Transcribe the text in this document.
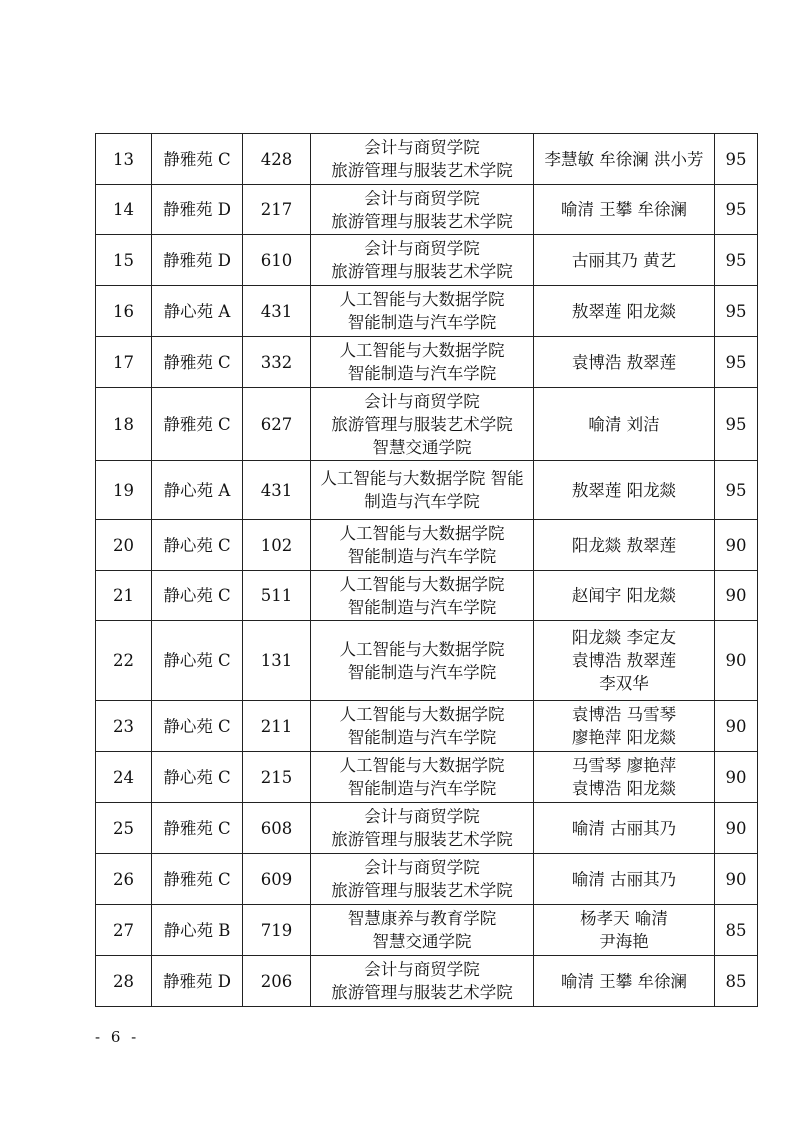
13	静雅苑 C	428	会计与商贸学院
旅游管理与服装艺术学院	李慧敏 牟徐澜 洪小芳	95
14	静雅苑 D	217	会计与商贸学院
旅游管理与服装艺术学院	喻清 王攀 牟徐澜	95
15	静雅苑 D	610	会计与商贸学院
旅游管理与服装艺术学院	古丽其乃 黄艺	95
16	静心苑 A	431	人工智能与大数据学院
智能制造与汽车学院	敖翠莲 阳龙燚	95
17	静雅苑 C	332	人工智能与大数据学院
智能制造与汽车学院	袁博浩 敖翠莲	95
18	静雅苑 C	627	会计与商贸学院
旅游管理与服装艺术学院
智慧交通学院	喻清 刘洁	95
19	静心苑 A	431	人工智能与大数据学院 智能制造与汽车学院	敖翠莲 阳龙燚	95
20	静心苑 C	102	人工智能与大数据学院
智能制造与汽车学院	阳龙燚 敖翠莲	90
21	静心苑 C	511	人工智能与大数据学院
智能制造与汽车学院	赵闻宇 阳龙燚	90
22	静心苑 C	131	人工智能与大数据学院
智能制造与汽车学院	阳龙燚 李定友
袁博浩 敖翠莲
李双华	90
23	静心苑 C	211	人工智能与大数据学院
智能制造与汽车学院	袁博浩 马雪琴
廖艳萍 阳龙燚	90
24	静心苑 C	215	人工智能与大数据学院
智能制造与汽车学院	马雪琴 廖艳萍
袁博浩 阳龙燚	90
25	静雅苑 C	608	会计与商贸学院
旅游管理与服装艺术学院	喻清 古丽其乃	90
26	静雅苑 C	609	会计与商贸学院
旅游管理与服装艺术学院	喻清 古丽其乃	90
27	静心苑 B	719	智慧康养与教育学院
智慧交通学院	杨孝天 喻清
尹海艳	85
28	静雅苑 D	206	会计与商贸学院
旅游管理与服装艺术学院	喻清 王攀 牟徐澜	85
- 6 -
